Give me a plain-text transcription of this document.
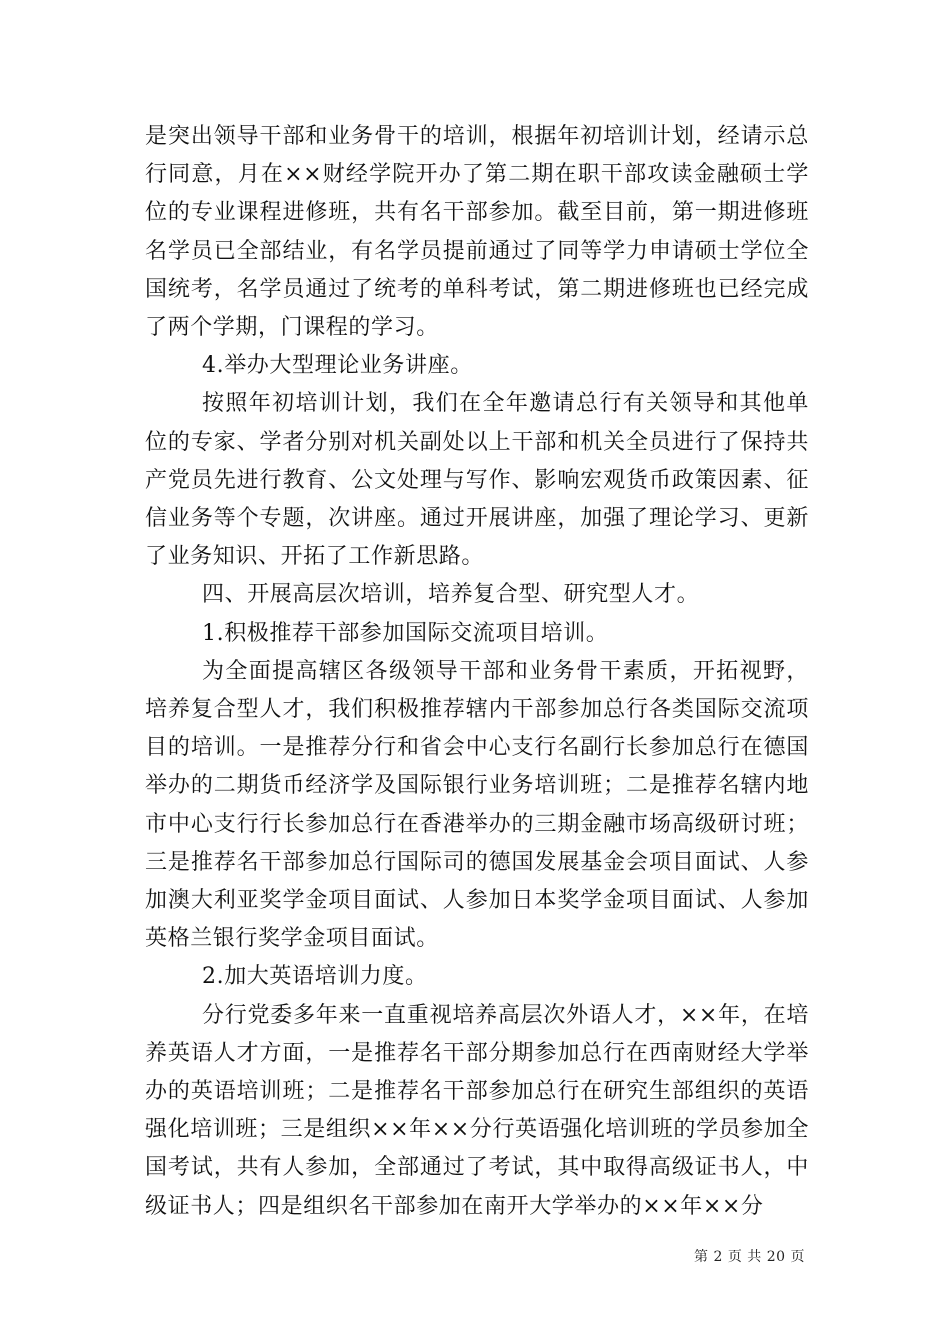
是突出领导干部和业务骨干的培训，根据年初培训计划，经请示总行同意，月在××财经学院开办了第二期在职干部攻读金融硕士学位的专业课程进修班，共有名干部参加。截至目前，第一期进修班名学员已全部结业，有名学员提前通过了同等学力申请硕士学位全国统考，名学员通过了统考的单科考试，第二期进修班也已经完成了两个学期，门课程的学习。

4.举办大型理论业务讲座。

按照年初培训计划，我们在全年邀请总行有关领导和其他单位的专家、学者分别对机关副处以上干部和机关全员进行了保持共产党员先进行教育、公文处理与写作、影响宏观货币政策因素、征信业务等个专题，次讲座。通过开展讲座，加强了理论学习、更新了业务知识、开拓了工作新思路。

四、开展高层次培训，培养复合型、研究型人才。

1.积极推荐干部参加国际交流项目培训。

为全面提高辖区各级领导干部和业务骨干素质，开拓视野，培养复合型人才，我们积极推荐辖内干部参加总行各类国际交流项目的培训。一是推荐分行和省会中心支行名副行长参加总行在德国举办的二期货币经济学及国际银行业务培训班；二是推荐名辖内地市中心支行行长参加总行在香港举办的三期金融市场高级研讨班；三是推荐名干部参加总行国际司的德国发展基金会项目面试、人参加澳大利亚奖学金项目面试、人参加日本奖学金项目面试、人参加英格兰银行奖学金项目面试。

2.加大英语培训力度。

分行党委多年来一直重视培养高层次外语人才，××年，在培养英语人才方面，一是推荐名干部分期参加总行在西南财经大学举办的英语培训班；二是推荐名干部参加总行在研究生部组织的英语强化培训班；三是组织××年××分行英语强化培训班的学员参加全国考试，共有人参加，全部通过了考试，其中取得高级证书人，中级证书人；四是组织名干部参加在南开大学举办的××年××分

第 2 页 共 20 页
